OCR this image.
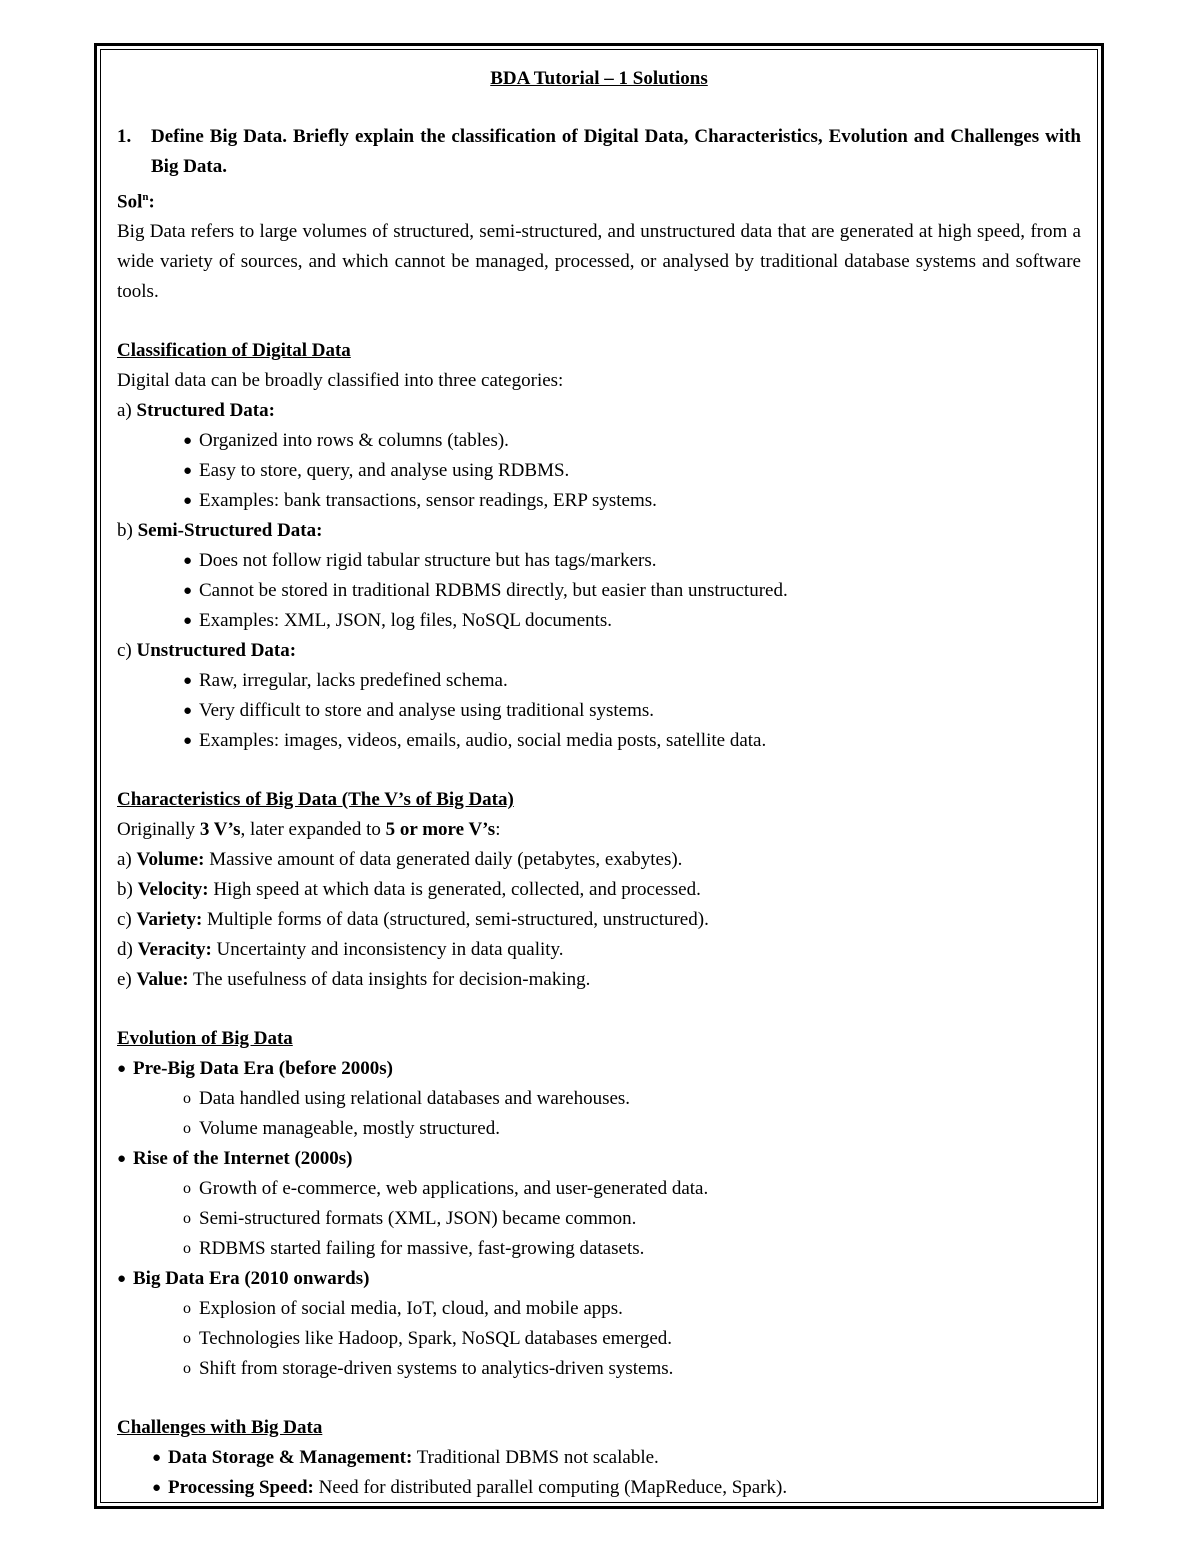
BDA Tutorial – 1 Solutions
1.	Define Big Data. Briefly explain the classification of Digital Data, Characteristics, Evolution and Challenges with Big Data.
Sol$^n$:
Big Data refers to large volumes of structured, semi-structured, and unstructured data that are generated at high speed, from a wide variety of sources, and which cannot be managed, processed, or analysed by traditional database systems and software tools.
Classification of Digital Data
Digital data can be broadly classified into three categories:
a) Structured Data:
● Organized into rows & columns (tables).
● Easy to store, query, and analyse using RDBMS.
● Examples: bank transactions, sensor readings, ERP systems.
b) Semi-Structured Data:
● Does not follow rigid tabular structure but has tags/markers.
● Cannot be stored in traditional RDBMS directly, but easier than unstructured.
● Examples: XML, JSON, log files, NoSQL documents.
c) Unstructured Data:
● Raw, irregular, lacks predefined schema.
● Very difficult to store and analyse using traditional systems.
● Examples: images, videos, emails, audio, social media posts, satellite data.
Characteristics of Big Data (The V’s of Big Data)
Originally 3 V’s, later expanded to 5 or more V’s:
a) Volume: Massive amount of data generated daily (petabytes, exabytes).
b) Velocity: High speed at which data is generated, collected, and processed.
c) Variety: Multiple forms of data (structured, semi-structured, unstructured).
d) Veracity: Uncertainty and inconsistency in data quality.
e) Value: The usefulness of data insights for decision-making.
Evolution of Big Data
● Pre-Big Data Era (before 2000s)
o Data handled using relational databases and warehouses.
o Volume manageable, mostly structured.
● Rise of the Internet (2000s)
o Growth of e-commerce, web applications, and user-generated data.
o Semi-structured formats (XML, JSON) became common.
o RDBMS started failing for massive, fast-growing datasets.
● Big Data Era (2010 onwards)
o Explosion of social media, IoT, cloud, and mobile apps.
o Technologies like Hadoop, Spark, NoSQL databases emerged.
o Shift from storage-driven systems to analytics-driven systems.
Challenges with Big Data
● Data Storage & Management: Traditional DBMS not scalable.
● Processing Speed: Need for distributed parallel computing (MapReduce, Spark).
